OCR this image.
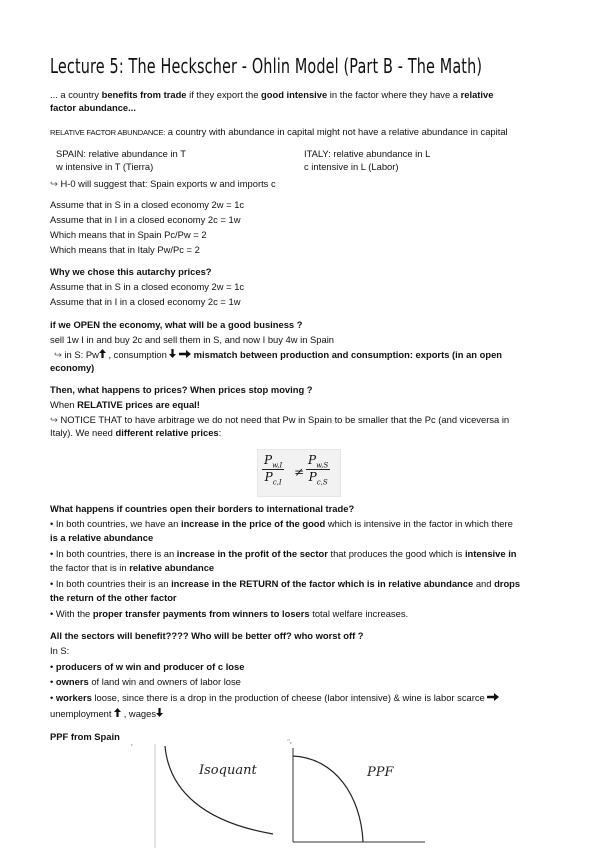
Lecture 5: The Heckscher - Ohlin Model (Part B - The Math)
... a country benefits from trade if they export the good intensive in the factor where they have a relative
factor abundance...
RELATIVE FACTOR ABUNDANCE: a country with abundance in capital might not have a relative abundance in capital
SPAIN: relative abundance in T	ITALY: relative abundance in L
w intensive in T (Tierra)	c intensive in L (Labor)
↪ H-0 will suggest that: Spain exports w and imports c
Assume that in S in a closed economy 2w = 1c
Assume that in I in a closed economy 2c = 1w
Which means that in Spain Pc/Pw = 2
Which means that in Italy Pw/Pc = 2
Why we chose this autarchy prices?
Assume that in S in a closed economy 2w = 1c
Assume that in I in a closed economy 2c = 1w
if we OPEN the economy, what will be a good business ?
sell 1w I in and buy 2c and sell them in S, and now I buy 4w in Spain
↪ in S: Pw , consumption	mismatch between production and consumption: exports (in an open
economy)
Then, what happens to prices? When prices stop moving ?
When RELATIVE prices are equal!
↪ NOTICE THAT to have arbitrage we do not need that Pw in Spain to be smaller that the Pc (and viceversa in
Italy). We need different relative prices:
$\frac{P_{w,I}}{P_{c,I}} \ne \frac{P_{w,S}}{P_{c,S}}$
What happens if countries open their borders to international trade?
• In both countries, we have an increase in the price of the good which is intensive in the factor in which there
is a relative abundance
• In both countries, there is an increase in the profit of the sector that produces the good which is intensive in
the factor that is in relative abundance
• In both countries their is an increase in the RETURN of the factor which is in relative abundance and drops
the return of the other factor
• With the proper transfer payments from winners to losers total welfare increases.
All the sectors will benefit???? Who will be better off? who worst off ?
In S:
• producers of w win and producer of c lose
• owners of land win and owners of labor lose
• workers loose, since there is a drop in the production of cheese (labor intensive) & wine is labor scarce
unemployment  , wages
PPF from Spain
ᵥ
Isoquant
ᵔᵥ
PPF
